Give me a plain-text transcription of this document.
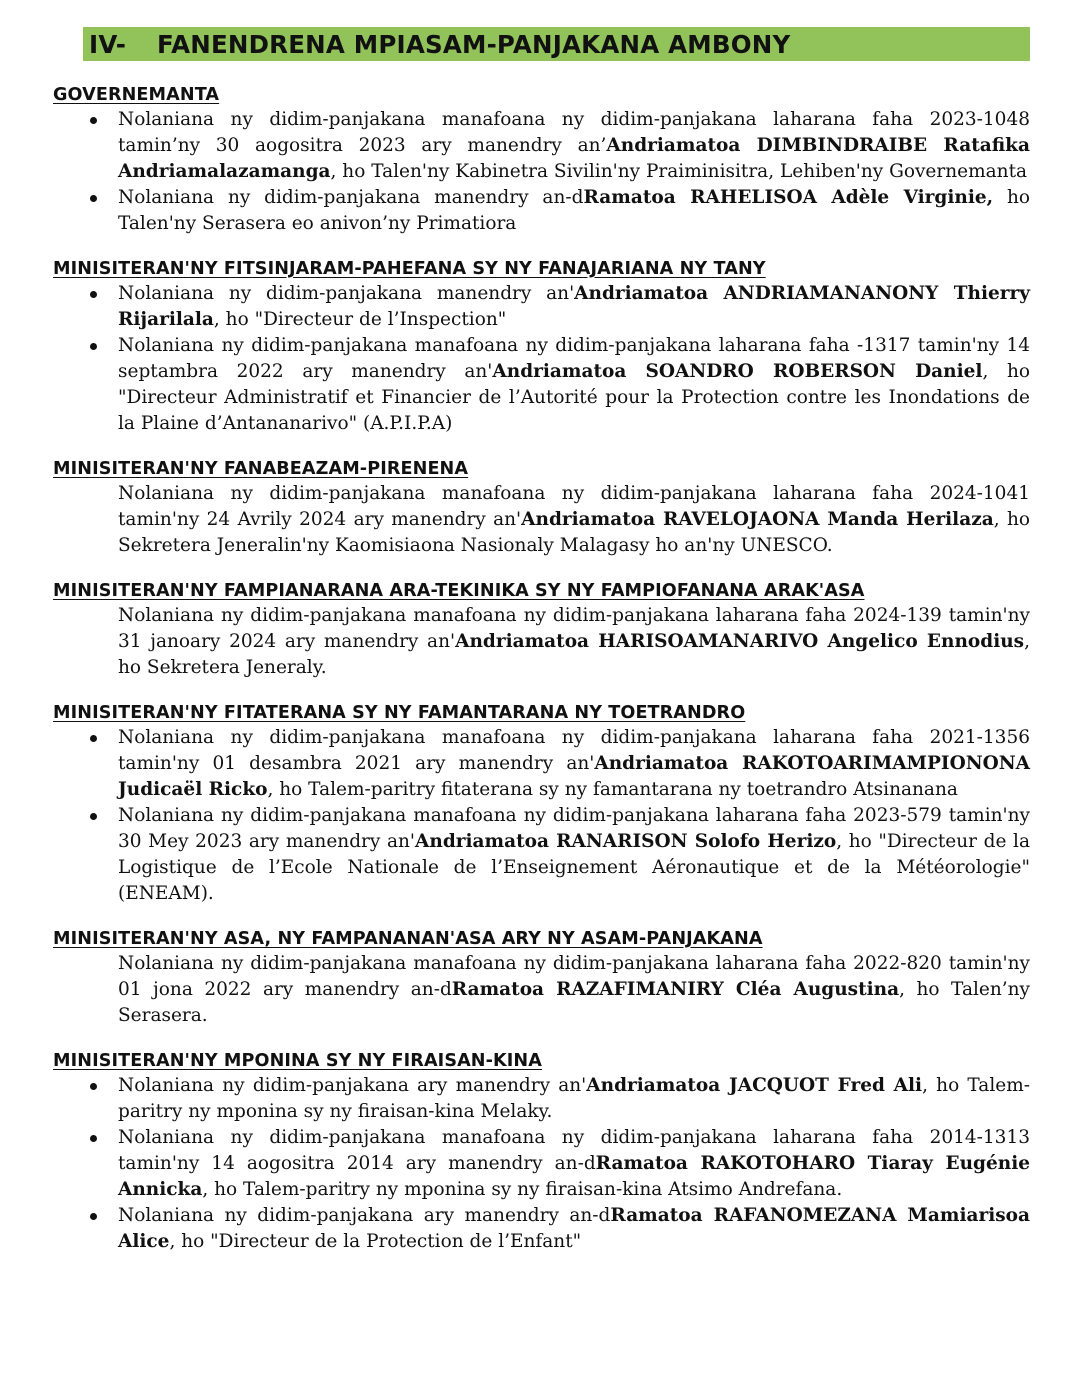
IV- FANENDRENA MPIASAM-PANJAKANA AMBONY
GOVERNEMANTA
Nolaniana ny didim-panjakana manafoana ny didim-panjakana laharana faha 2023-1048 tamin’ny 30 aogositra 2023 ary manendry an’Andriamatoa DIMBINDRAIBE Ratafika Andriamalazamanga, ho Talen'ny Kabinetra Sivilin'ny Praiminisitra, Lehiben'ny Governemanta
Nolaniana ny didim-panjakana manendry an-dRamatoa RAHELISOA Adèle Virginie, ho Talen'ny Serasera eo anivon’ny Primatiora
MINISITERAN'NY FITSINJARAM-PAHEFANA SY NY FANAJARIANA NY TANY
Nolaniana ny didim-panjakana manendry an'Andriamatoa ANDRIAMANANONY Thierry Rijarilala, ho "Directeur de l’Inspection"
Nolaniana ny didim-panjakana manafoana ny didim-panjakana laharana faha -1317 tamin'ny 14 septambra 2022 ary manendry an'Andriamatoa SOANDRO ROBERSON Daniel, ho "Directeur Administratif et Financier de l’Autorité pour la Protection contre les Inondations de la Plaine d’Antananarivo" (A.P.I.P.A)
MINISITERAN'NY FANABEAZAM-PIRENENA
Nolaniana ny didim-panjakana manafoana ny didim-panjakana laharana faha 2024-1041 tamin'ny 24 Avrily 2024 ary manendry an'Andriamatoa RAVELOJAONA Manda Herilaza, ho Sekretera Jeneralin'ny Kaomisiaona Nasionaly Malagasy ho an'ny UNESCO.
MINISITERAN'NY FAMPIANARANA ARA-TEKINIKA SY NY FAMPIOFANANA ARAK'ASA
Nolaniana ny didim-panjakana manafoana ny didim-panjakana laharana faha 2024-139 tamin'ny 31 janoary 2024 ary manendry an'Andriamatoa HARISOAMANARIVO Angelico Ennodius, ho Sekretera Jeneraly.
MINISITERAN'NY FITATERANA SY NY FAMANTARANA NY TOETRANDRO
Nolaniana ny didim-panjakana manafoana ny didim-panjakana laharana faha 2021-1356 tamin'ny 01 desambra 2021 ary manendry an'Andriamatoa RAKOTOARIMAMPIONONA Judicaël Ricko, ho Talem-paritry fitaterana sy ny famantarana ny toetrandro Atsinanana
Nolaniana ny didim-panjakana manafoana ny didim-panjakana laharana faha 2023-579 tamin'ny 30 Mey 2023 ary manendry an'Andriamatoa RANARISON Solofo Herizo, ho "Directeur de la Logistique de l’Ecole Nationale de l’Enseignement Aéronautique et de la Météorologie" (ENEAM).
MINISITERAN'NY ASA, NY FAMPANANAN'ASA ARY NY ASAM-PANJAKANA
Nolaniana ny didim-panjakana manafoana ny didim-panjakana laharana faha 2022-820 tamin'ny 01 jona 2022 ary manendry an-dRamatoa RAZAFIMANIRY Cléa Augustina, ho Talen’ny Serasera.
MINISITERAN'NY MPONINA SY NY FIRAISAN-KINA
Nolaniana ny didim-panjakana ary manendry an'Andriamatoa JACQUOT Fred Ali, ho Talem-paritry ny mponina sy ny firaisan-kina Melaky.
Nolaniana ny didim-panjakana manafoana ny didim-panjakana laharana faha 2014-1313 tamin'ny 14 aogositra 2014 ary manendry an-dRamatoa RAKOTOHARO Tiaray Eugénie Annicka, ho Talem-paritry ny mponina sy ny firaisan-kina Atsimo Andrefana.
Nolaniana ny didim-panjakana ary manendry an-dRamatoa RAFANOMEZANA Mamiarisoa Alice, ho "Directeur de la Protection de l’Enfant"
